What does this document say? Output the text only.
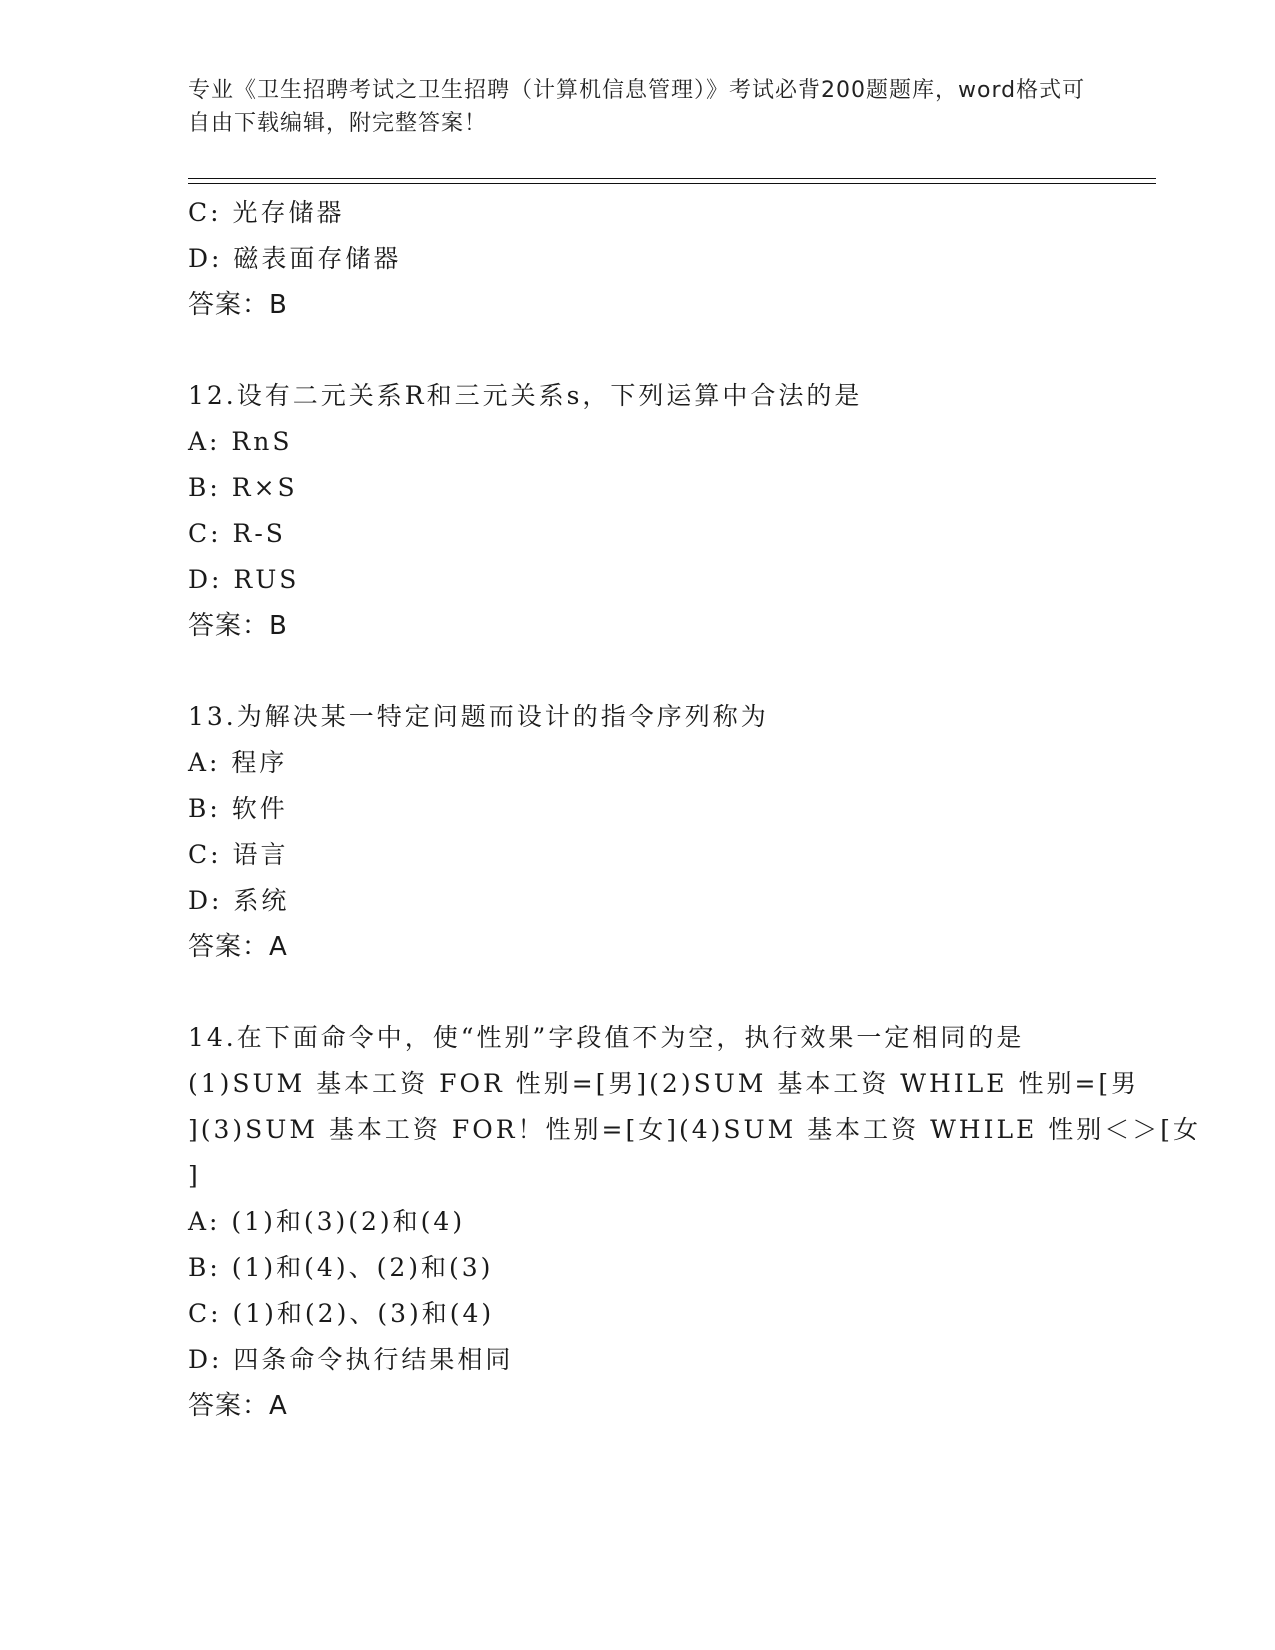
专业《卫生招聘考试之卫生招聘（计算机信息管理）》考试必背200题题库，word格式可自由下载编辑，附完整答案！
C: 光存储器
D: 磁表面存储器
答案：B
12.设有二元关系R和三元关系s，下列运算中合法的是
A: RnS
B: R×S
C: R-S
D: RUS
答案：B
13.为解决某一特定问题而设计的指令序列称为
A: 程序
B: 软件
C: 语言
D: 系统
答案：A
14.在下面命令中，使“性别”字段值不为空，执行效果一定相同的是
(1)SUM 基本工资 FOR 性别=[男](2)SUM 基本工资 WHILE 性别=[男
](3)SUM 基本工资 FOR！性别=[女](4)SUM 基本工资 WHILE 性别＜＞[女
]
A: (1)和(3)(2)和(4)
B: (1)和(4)、(2)和(3)
C: (1)和(2)、(3)和(4)
D: 四条命令执行结果相同
答案：A
